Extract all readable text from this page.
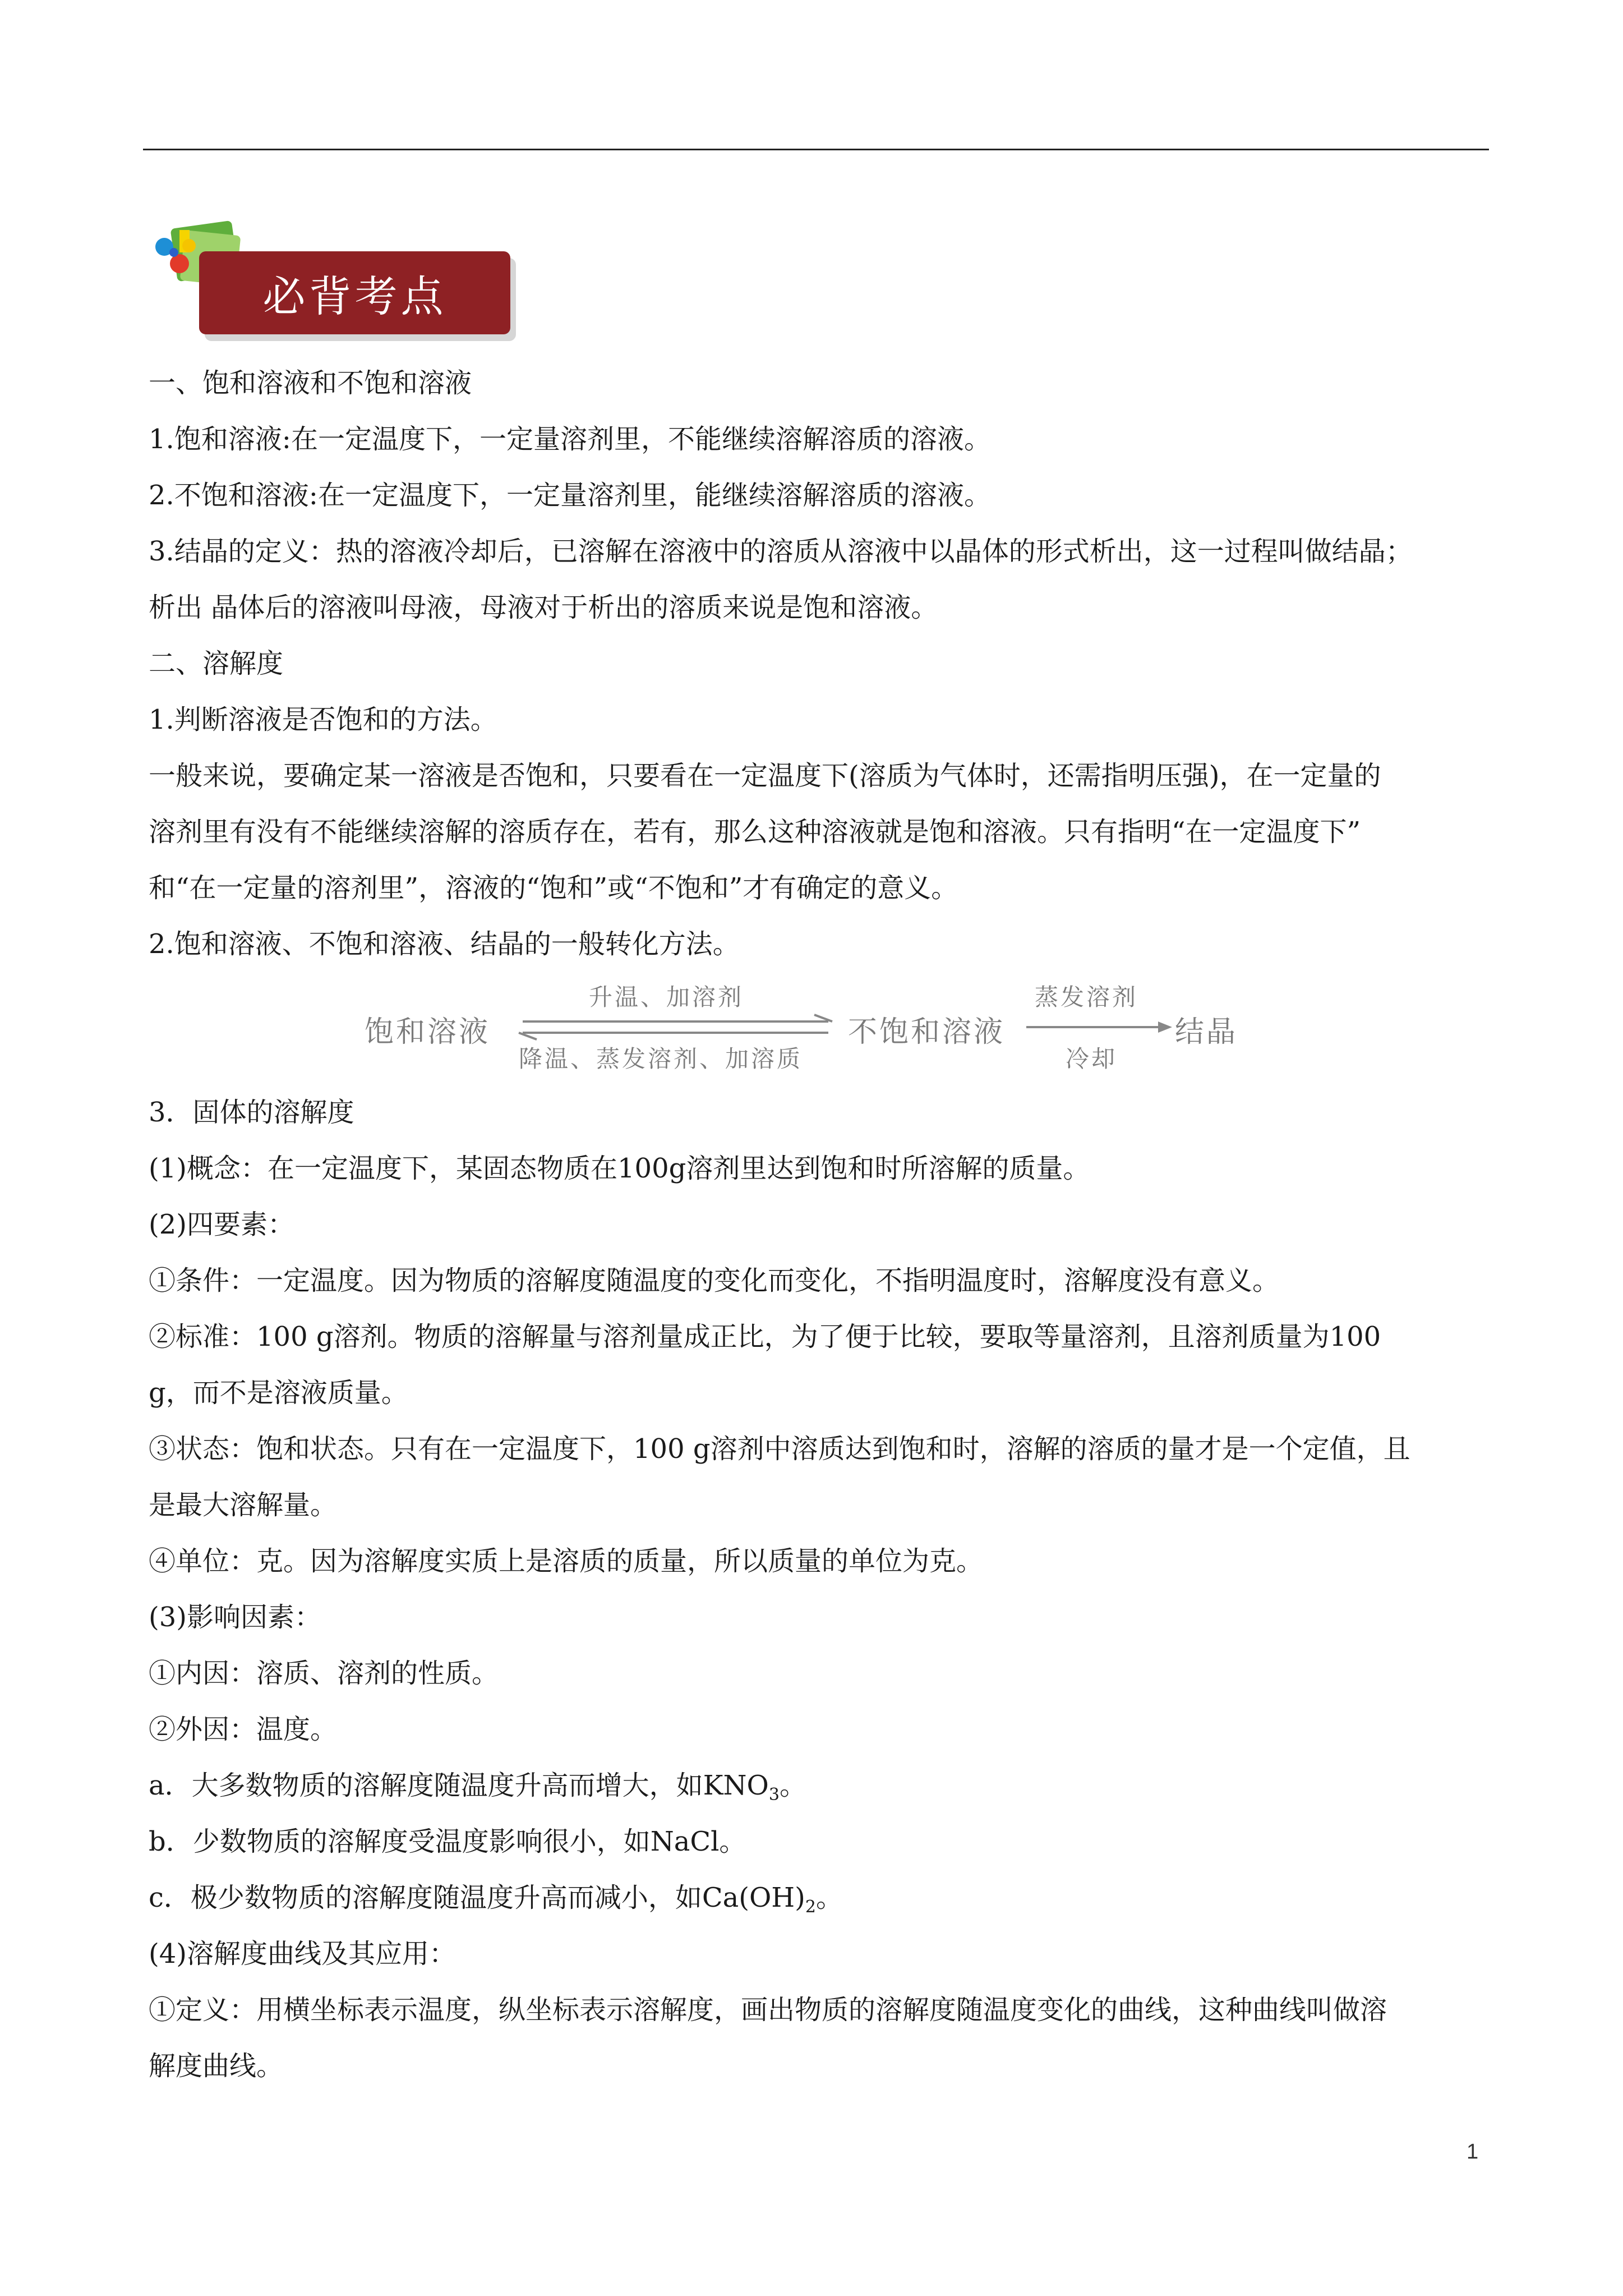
必背考点
一、饱和溶液和不饱和溶液
1.饱和溶液:在一定温度下，一定量溶剂里，不能继续溶解溶质的溶液。
2.不饱和溶液:在一定温度下，一定量溶剂里，能继续溶解溶质的溶液。
3.结晶的定义：热的溶液冷却后，已溶解在溶液中的溶质从溶液中以晶体的形式析出，这一过程叫做结晶；
析出 晶体后的溶液叫母液，母液对于析出的溶质来说是饱和溶液。
二、溶解度
1.判断溶液是否饱和的方法。
一般来说，要确定某一溶液是否饱和，只要看在一定温度下(溶质为气体时，还需指明压强)，在一定量的
溶剂里有没有不能继续溶解的溶质存在，若有，那么这种溶液就是饱和溶液。只有指明“在一定温度下”
和“在一定量的溶剂里”，溶液的“饱和”或“不饱和”才有确定的意义。
2.饱和溶液、不饱和溶液、结晶的一般转化方法。
饱和溶液
升温、加溶剂
降温、蒸发溶剂、加溶质
不饱和溶液
蒸发溶剂
冷却
结晶
3．固体的溶解度
(1)概念：在一定温度下，某固态物质在100g溶剂里达到饱和时所溶解的质量。
(2)四要素：
①条件：一定温度。因为物质的溶解度随温度的变化而变化，不指明温度时，溶解度没有意义。
②标准：100 g溶剂。物质的溶解量与溶剂量成正比，为了便于比较，要取等量溶剂，且溶剂质量为100
g，而不是溶液质量。
③状态：饱和状态。只有在一定温度下，100 g溶剂中溶质达到饱和时，溶解的溶质的量才是一个定值，且
是最大溶解量。
④单位：克。因为溶解度实质上是溶质的质量，所以质量的单位为克。
(3)影响因素：
①内因：溶质、溶剂的性质。
②外因：温度。
a．大多数物质的溶解度随温度升高而增大，如$KNO_3$。
b．少数物质的溶解度受温度影响很小，如NaCl。
c．极少数物质的溶解度随温度升高而减小，如$Ca(OH)_2$。
(4)溶解度曲线及其应用：
①定义：用横坐标表示温度，纵坐标表示溶解度，画出物质的溶解度随温度变化的曲线，这种曲线叫做溶
解度曲线。
1
